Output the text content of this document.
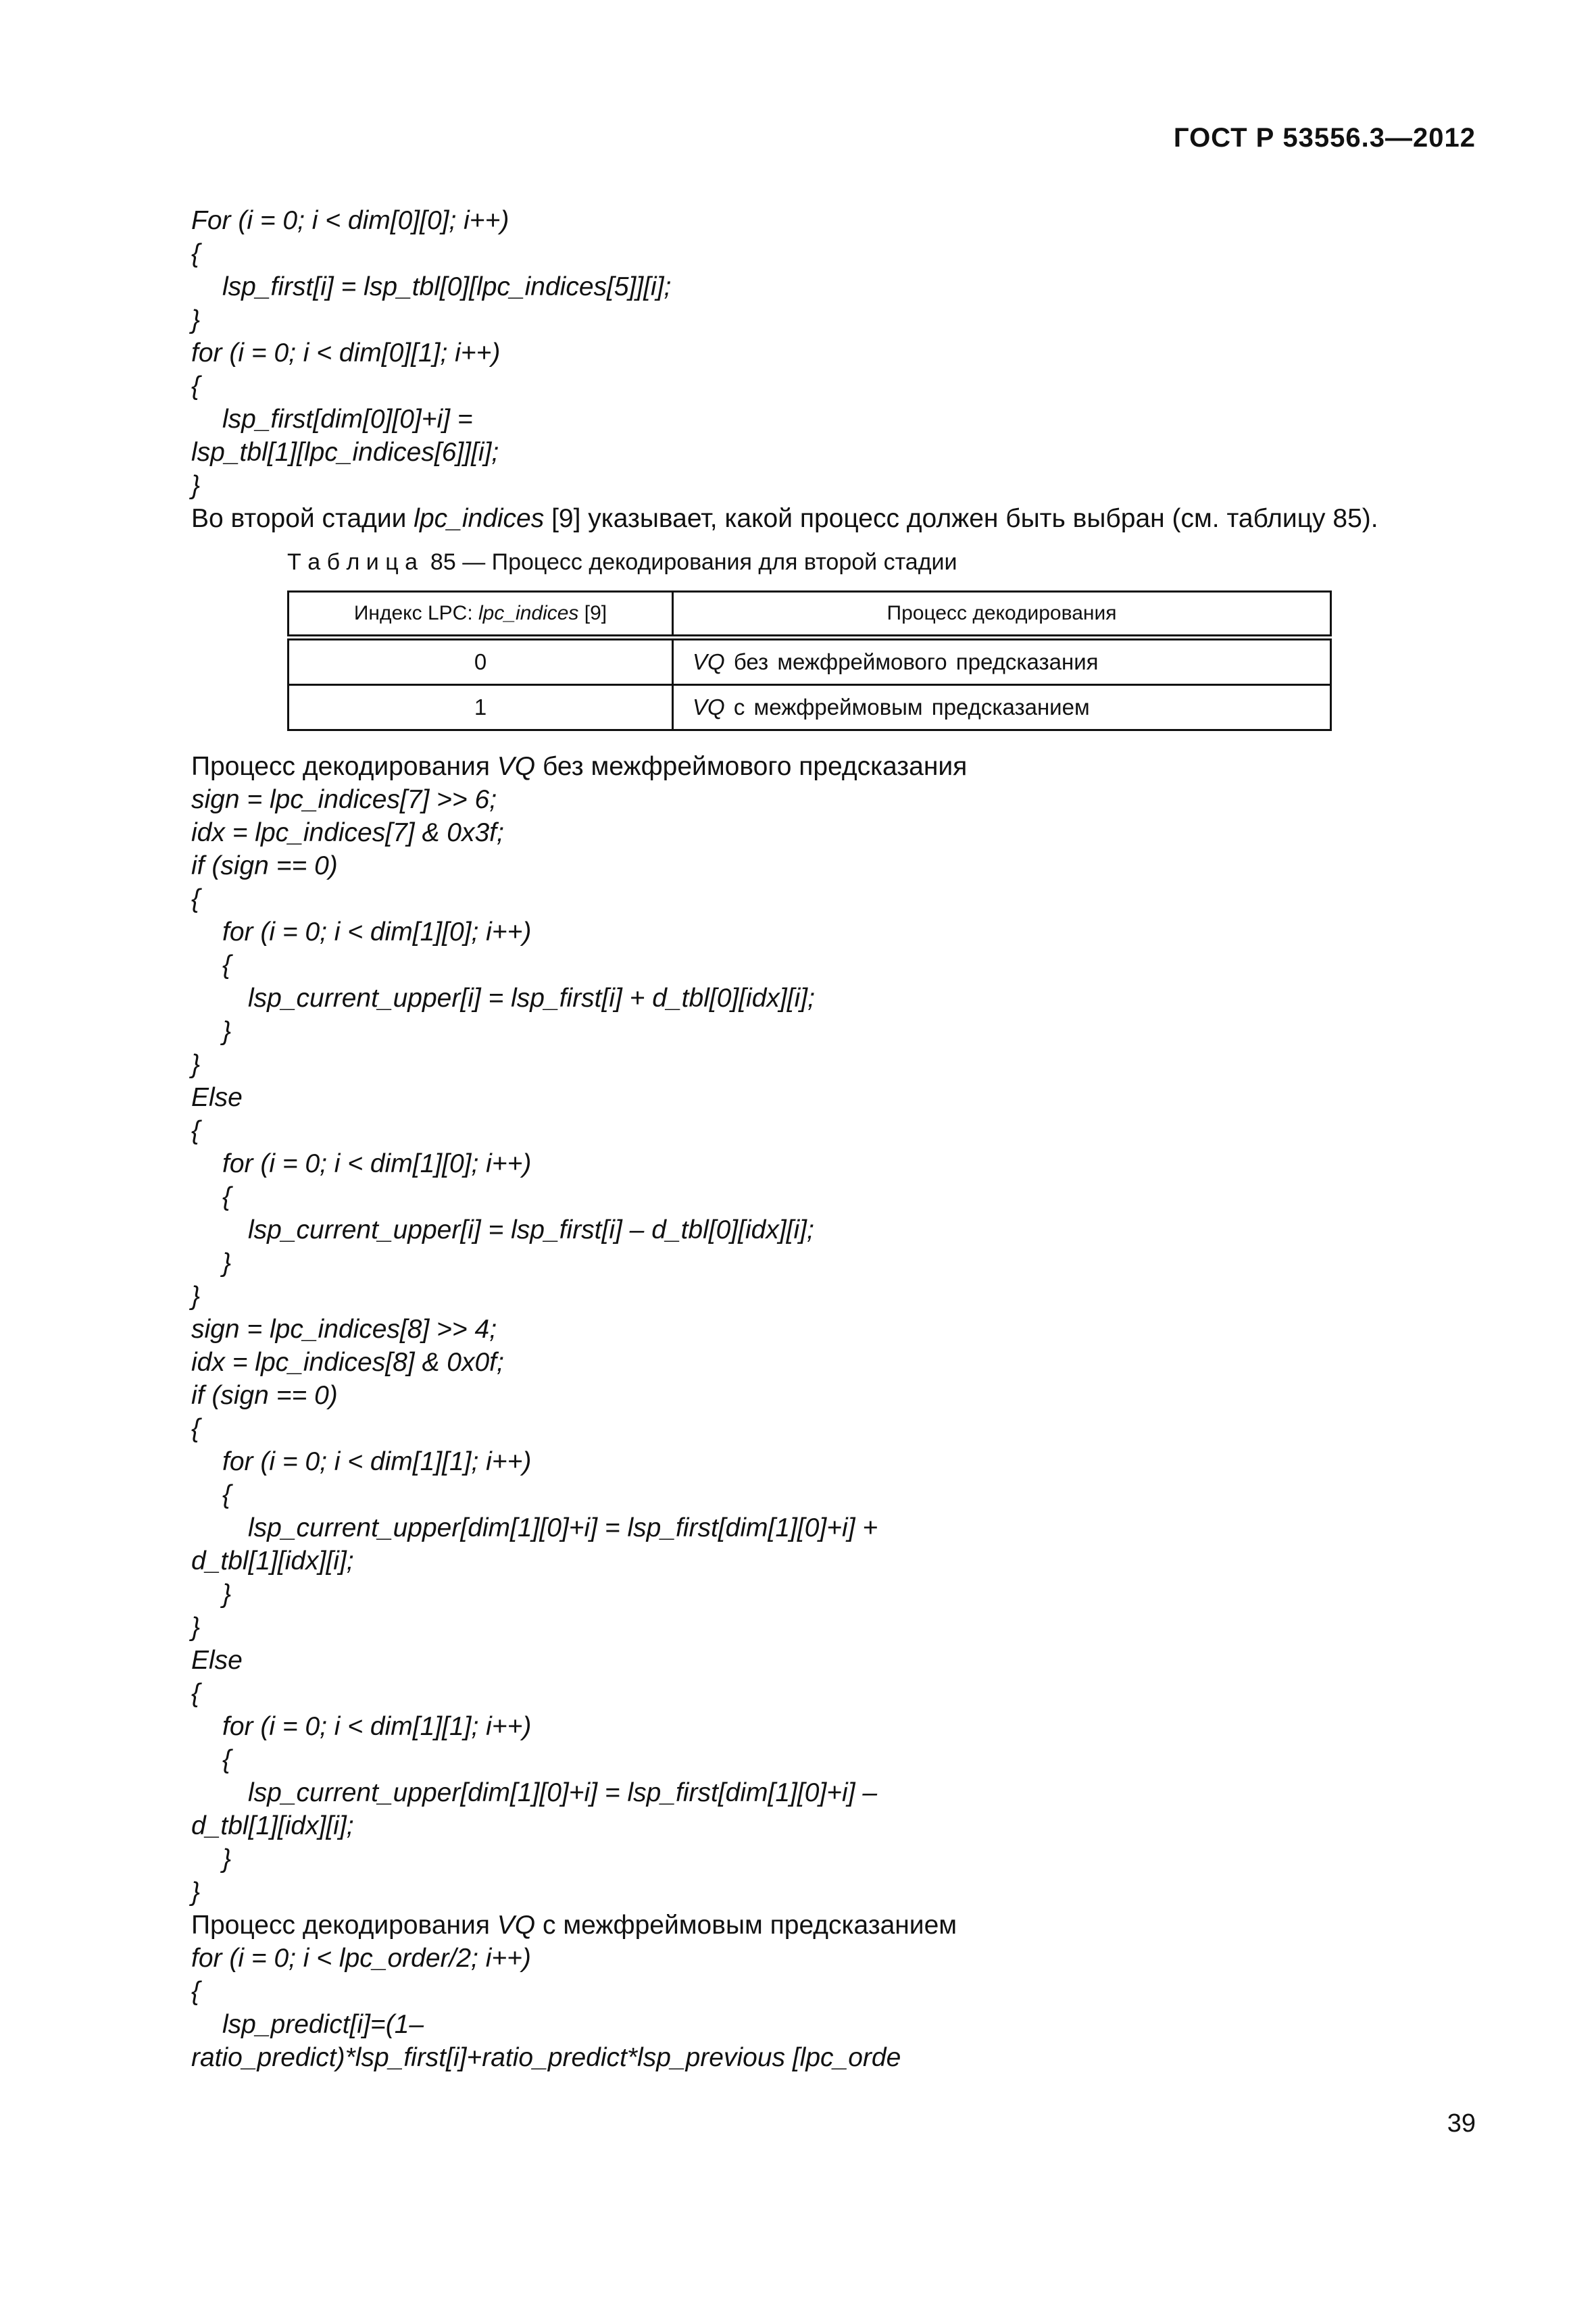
ГОСТ Р 53556.3—2012
For (i = 0; i < dim[0][0]; i++)
{
lsp_first[i] = lsp_tbl[0][lpc_indices[5]][i];
}
for (i = 0; i < dim[0][1]; i++)
{
lsp_first[dim[0][0]+i] =
lsp_tbl[1][lpc_indices[6]][i];
}
Во второй стадии lpc_indices [9] указывает, какой процесс должен быть выбран (см. таблицу 85).
Т а б л и ц а  85 — Процесс декодирования для второй стадии
Индекс LPC: lpc_indices [9]	Процесс декодирования
0	VQ без межфреймового предсказания
1	VQ с межфреймовым предсказанием
Процесс декодирования VQ без межфреймового предсказания
sign = lpc_indices[7] >> 6;
idx = lpc_indices[7] & 0x3f;
if (sign == 0)
{
for (i = 0; i < dim[1][0]; i++)
{
lsp_current_upper[i] = lsp_first[i] + d_tbl[0][idx][i];
}
}
Else
{
for (i = 0; i < dim[1][0]; i++)
{
lsp_current_upper[i] = lsp_first[i] – d_tbl[0][idx][i];
}
}
sign = lpc_indices[8] >> 4;
idx = lpc_indices[8] & 0x0f;
if (sign == 0)
{
for (i = 0; i < dim[1][1]; i++)
{
lsp_current_upper[dim[1][0]+i] = lsp_first[dim[1][0]+i] +
d_tbl[1][idx][i];
}
}
Else
{
for (i = 0; i < dim[1][1]; i++)
{
lsp_current_upper[dim[1][0]+i] = lsp_first[dim[1][0]+i] –
d_tbl[1][idx][i];
}
}
Процесс декодирования VQ с межфреймовым предсказанием
for (i = 0; i < lpc_order/2; i++)
{
lsp_predict[i]=(1–
ratio_predict)*lsp_first[i]+ratio_predict*lsp_previous [lpc_orde
39
